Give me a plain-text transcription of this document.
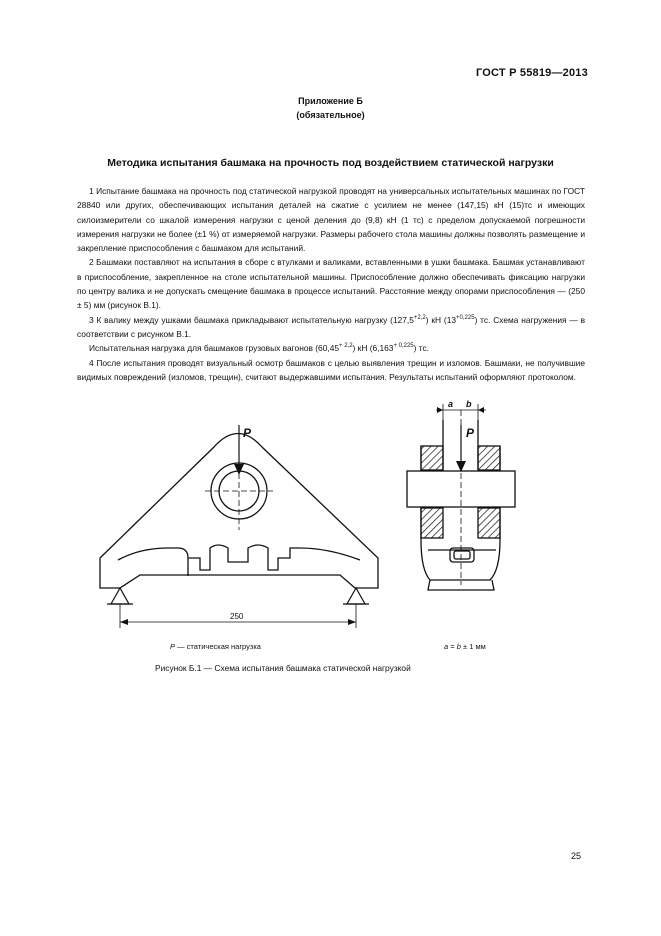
ГОСТ Р 55819—2013
Приложение Б
(обязательное)
Методика испытания башмака на прочность под воздействием статической нагрузки

1 Испытание башмака на прочность под статической нагрузкой проводят на универсальных испытательных машинах по ГОСТ 28840 или других, обеспечивающих испытания деталей на сжатие с усилием не менее (147,15) кН (15)тс и имеющих силоизмерители со шкалой измерения нагрузки с ценой деления до (9,8) кН (1 тс) с пределом допускаемой погрешности измерения нагрузки не более (±1 %) от измеряемой нагрузки. Размеры рабочего стола машины должны позволять размещение и закрепление приспособления с башмаком для испытаний.

2 Башмаки поставляют на испытания в сборе с втулками и валиками, вставленными в ушки башмака. Башмак устанавливают в приспособление, закрепленное на столе испытательной машины. Приспособление должно обеспечивать фиксацию нагрузки по центру валика и не допускать смещение башмака в процессе испытаний. Расстояние между опорами приспособления — (250 ± 5) мм (рисунок В.1).

3 К валику между ушками башмака прикладывают испытательную нагрузку $(127,5^{+2,2})$ кН $(13^{+0,225})$ тс. Схема нагружения — в соответствии с рисунком В.1.

Испытательная нагрузка для башмаков грузовых вагонов $(60,45^{+ 2,2})$ кН $(6,163^{+ 0,225})$ тс.

4 После испытания проводят визуальный осмотр башмаков с целью выявления трещин и изломов. Башмаки, не получившие видимых повреждений (изломов, трещин), считают выдержавшими испытания. Результаты испытаний оформляют протоколом.

P
250
a b
P
P — статическая нагрузка	a = b ± 1 мм
Рисунок Б.1 — Схема испытания башмака статической нагрузкой
25
